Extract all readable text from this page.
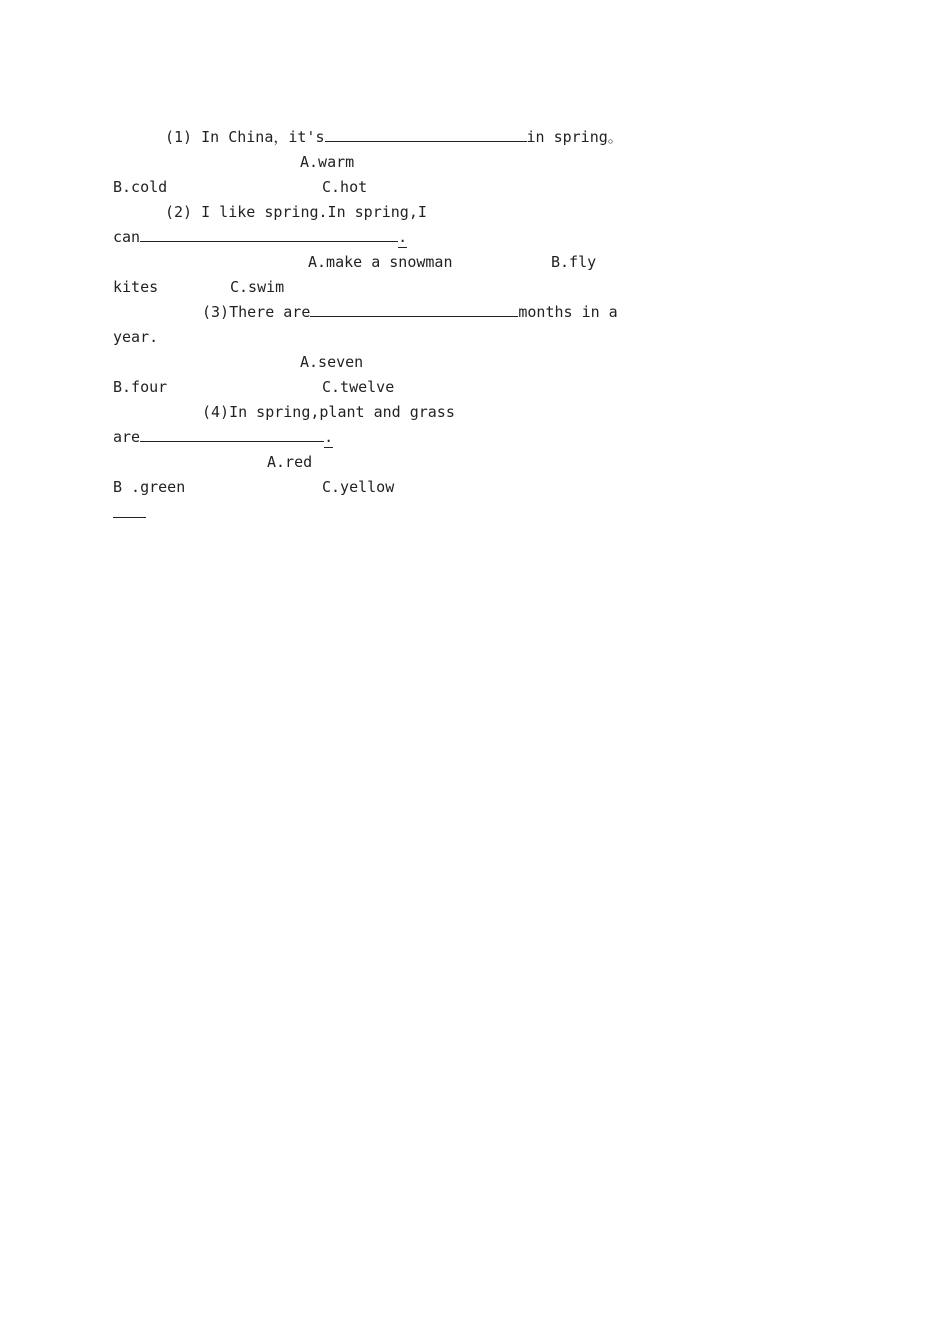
(1) In China，it's	in spring。
A.warm
B.cold	C.hot
(2) I like spring.In spring,I
can	.
A.make a snowman	B.fly
kites	C.swim
(3)There are	months in a
year.
A.seven
B.four	C.twelve
(4)In spring,plant and grass
are	.
A.red
B .green	C.yellow
